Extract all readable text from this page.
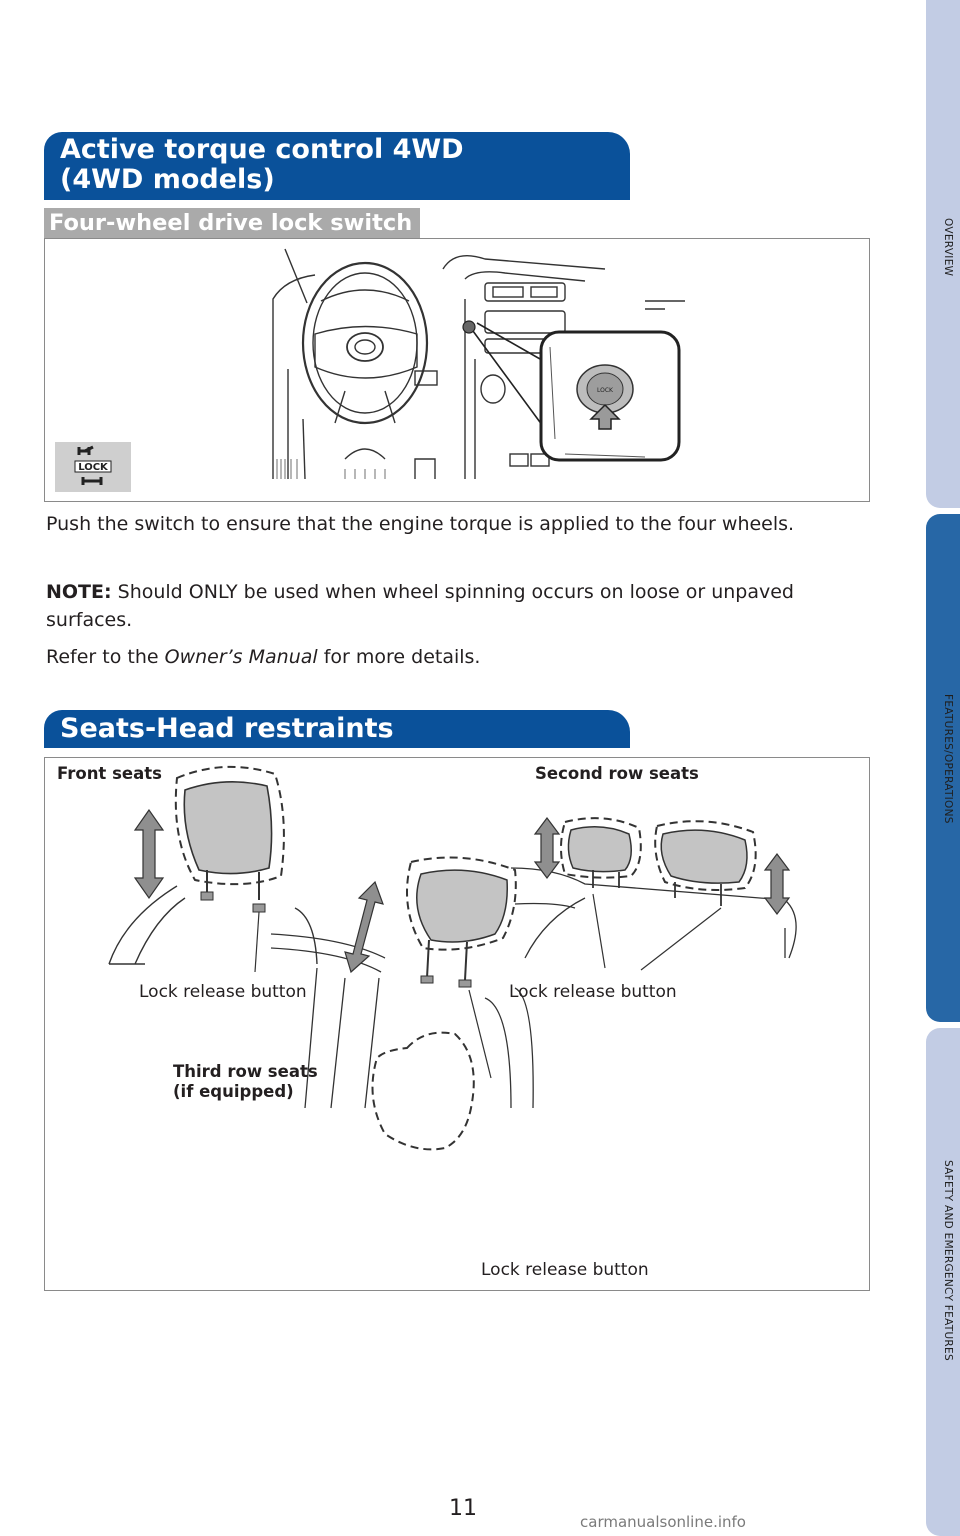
OVERVIEW
FEATURES/OPERATIONS
SAFETY AND EMERGENCY FEATURES
Active torque control 4WD
(4WD models)
Four-wheel drive lock switch
LOCK
LOCK
Push the switch to ensure that the engine torque is applied to the four wheels.
NOTE: Should ONLY be used when wheel spinning occurs on loose or unpaved surfaces.
Refer to the Owner’s Manual for more details.
Seats-Head restraints
Front seats	Second row seats
Third row seats
(if equipped)
Lock release button	Lock release button
Lock release button
11
carmanualsonline.info
